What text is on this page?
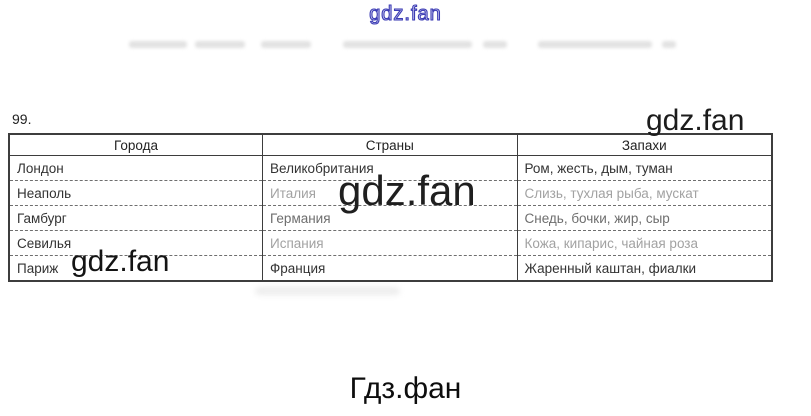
gdz.fan
99.
Города	Страны	Запахи
Лондон	Великобритания	Ром, жесть, дым, туман
Неаполь	Италия	Слизь, тухлая рыба, мускат
Гамбург	Германия	Снедь, бочки, жир, сыр
Севилья	Испания	Кожа, кипарис, чайная роза
Париж	Франция	Жаренный каштан, фиалки
gdz.fan
gdz.fan
gdz.fan
Гдз.фан
